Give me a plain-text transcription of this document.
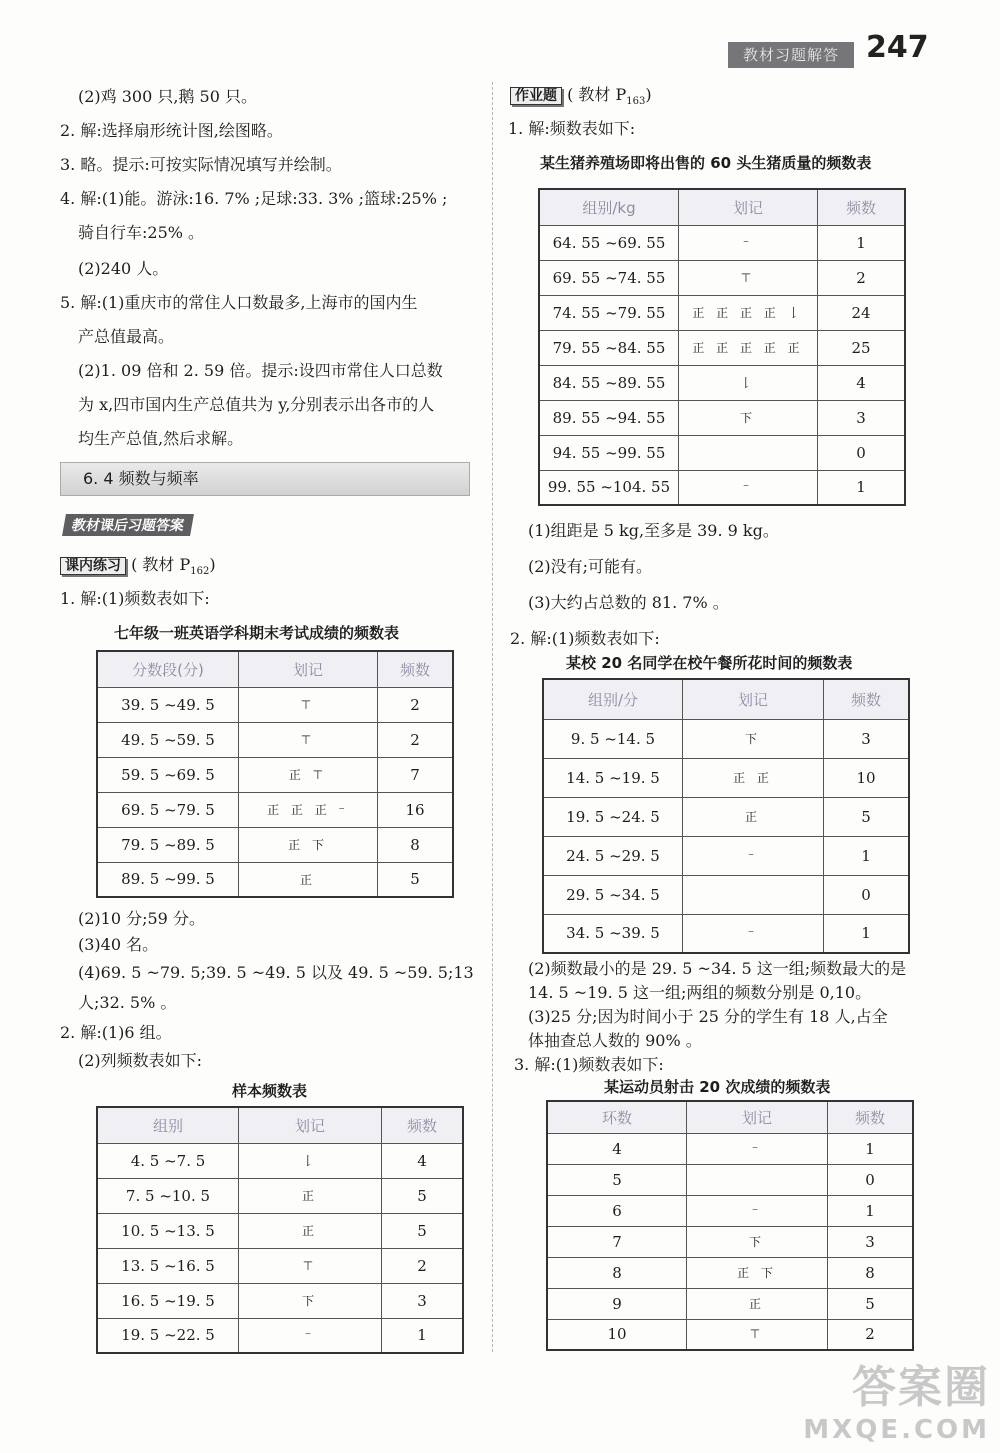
教材习题解答 247
(2)鸡 300 只,鹅 50 只。
2. 解:选择扇形统计图,绘图略。
3. 略。提示:可按实际情况填写并绘制。
4. 解:(1)能。游泳:16. 7% ;足球:33. 3% ;篮球:25% ;
骑自行车:25% 。
(2)240 人。
5. 解:(1)重庆市的常住人口数最多,上海市的国内生
产总值最高。
(2)1. 09 倍和 2. 59 倍。提示:设四市常住人口总数
为 x,四市国内生产总值共为 y,分别表示出各市的人
均生产总值,然后求解。
6. 4 频数与频率
教材课后习题答案
课内练习 ( 教材 $P_{162}$)
1. 解:(1)频数表如下:
七年级一班英语学科期末考试成绩的频数表
分数段(分)	划记	频数
39. 5 ~49. 5	⊤	2
49. 5 ~59. 5	⊤	2
59. 5 ~69. 5	正 ⊤	7
69. 5 ~79. 5	正 正 正 ⁻	16
79. 5 ~89. 5	正 下	8
89. 5 ~99. 5	正	5
(2)10 分;59 分。
(3)40 名。
(4)69. 5 ~79. 5;39. 5 ~49. 5 以及 49. 5 ~59. 5;13
人;32. 5% 。
2. 解:(1)6 组。
(2)列频数表如下:
样本频数表
组别	划记	频数
4. 5 ~7. 5	𠄌	4
7. 5 ~10. 5	正	5
10. 5 ~13. 5	正	5
13. 5 ~16. 5	⊤	2
16. 5 ~19. 5	下	3
19. 5 ~22. 5	⁻	1
作业题 ( 教材 $P_{163}$)
1. 解:频数表如下:
某生猪养殖场即将出售的 60 头生猪质量的频数表
组别/kg	划记	频数
64. 55 ~69. 55	⁻	1
69. 55 ~74. 55	⊤	2
74. 55 ~79. 55	正 正 正 正 𠄌	24
79. 55 ~84. 55	正 正 正 正 正	25
84. 55 ~89. 55	𠄌	4
89. 55 ~94. 55	下	3
94. 55 ~99. 55		0
99. 55 ~104. 55	⁻	1
(1)组距是 5 kg,至多是 39. 9 kg。
(2)没有;可能有。
(3)大约占总数的 81. 7% 。
2. 解:(1)频数表如下:
某校 20 名同学在校午餐所花时间的频数表
组别/分	划记	频数
9. 5 ~14. 5	下	3
14. 5 ~19. 5	正 正	10
19. 5 ~24. 5	正	5
24. 5 ~29. 5	⁻	1
29. 5 ~34. 5		0
34. 5 ~39. 5	⁻	1
(2)频数最小的是 29. 5 ~34. 5 这一组;频数最大的是
14. 5 ~19. 5 这一组;两组的频数分别是 0,10。
(3)25 分;因为时间小于 25 分的学生有 18 人,占全
体抽查总人数的 90% 。
3. 解:(1)频数表如下:
某运动员射击 20 次成绩的频数表
环数	划记	频数
4	⁻	1
5		0
6	⁻	1
7	下	3
8	正 下	8
9	正	5
10	⊤	2
答案圈
MXQE.COM
